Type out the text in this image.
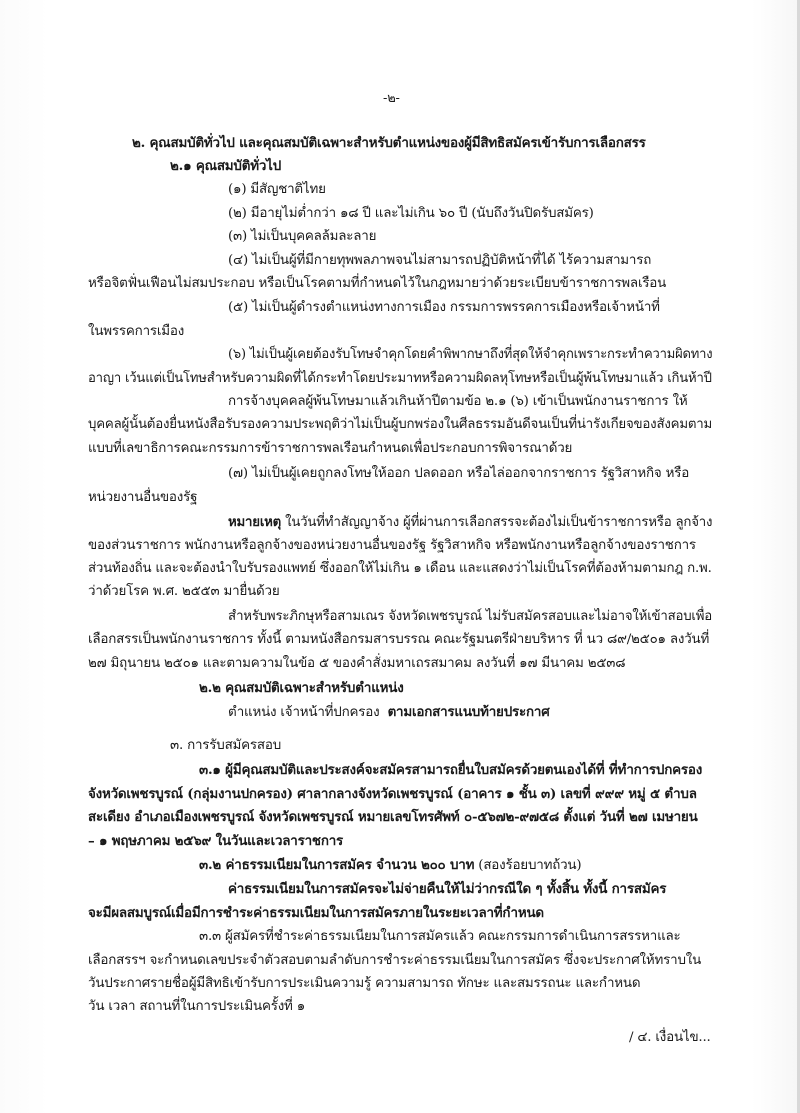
-๒-
๒. คุณสมบัติทั่วไป และคุณสมบัติเฉพาะสำหรับตำแหน่งของผู้มีสิทธิสมัครเข้ารับการเลือกสรร
๒.๑ คุณสมบัติทั่วไป
(๑) มีสัญชาติไทย
(๒) มีอายุไม่ต่ำกว่า ๑๘ ปี และไม่เกิน ๖๐ ปี (นับถึงวันปิดรับสมัคร)
(๓) ไม่เป็นบุคคลล้มละลาย
(๔) ไม่เป็นผู้ที่มีกายทุพพลภาพจนไม่สามารถปฏิบัติหน้าที่ได้ ไร้ความสามารถ
หรือจิตฟั่นเฟือนไม่สมประกอบ หรือเป็นโรคตามที่กำหนดไว้ในกฎหมายว่าด้วยระเบียบข้าราชการพลเรือน
(๕) ไม่เป็นผู้ดำรงตำแหน่งทางการเมือง กรรมการพรรคการเมืองหรือเจ้าหน้าที่
ในพรรคการเมือง
(๖) ไม่เป็นผู้เคยต้องรับโทษจำคุกโดยคำพิพากษาถึงที่สุดให้จำคุกเพราะกระทำความผิดทาง
อาญา เว้นแต่เป็นโทษสำหรับความผิดที่ได้กระทำโดยประมาทหรือความผิดลหุโทษหรือเป็นผู้พ้นโทษมาแล้ว เกินห้าปี
การจ้างบุคคลผู้พ้นโทษมาแล้วเกินห้าปีตามข้อ ๒.๑ (๖) เข้าเป็นพนักงานราชการ ให้
บุคคลผู้นั้นต้องยื่นหนังสือรับรองความประพฤติว่าไม่เป็นผู้บกพร่องในศีลธรรมอันดีจนเป็นที่น่ารังเกียจของสังคมตาม
แบบที่เลขาธิการคณะกรรมการข้าราชการพลเรือนกำหนดเพื่อประกอบการพิจารณาด้วย
(๗) ไม่เป็นผู้เคยถูกลงโทษให้ออก ปลดออก หรือไล่ออกจากราชการ รัฐวิสาหกิจ หรือ
หน่วยงานอื่นของรัฐ
หมายเหตุ ในวันที่ทำสัญญาจ้าง ผู้ที่ผ่านการเลือกสรรจะต้องไม่เป็นข้าราชการหรือ ลูกจ้าง
ของส่วนราชการ พนักงานหรือลูกจ้างของหน่วยงานอื่นของรัฐ รัฐวิสาหกิจ หรือพนักงานหรือลูกจ้างของราชการ
ส่วนท้องถิ่น และจะต้องนำใบรับรองแพทย์ ซึ่งออกให้ไม่เกิน ๑ เดือน และแสดงว่าไม่เป็นโรคที่ต้องห้ามตามกฎ ก.พ.
ว่าด้วยโรค พ.ศ. ๒๕๕๓ มายื่นด้วย
สำหรับพระภิกษุหรือสามเณร จังหวัดเพชรบูรณ์ ไม่รับสมัครสอบและไม่อาจให้เข้าสอบเพื่อ
เลือกสรรเป็นพนักงานราชการ ทั้งนี้ ตามหนังสือกรมสารบรรณ คณะรัฐมนตรีฝ่ายบริหาร ที่ นว ๘๙/๒๕๐๑ ลงวันที่
๒๗ มิถุนายน ๒๕๐๑ และตามความในข้อ ๕ ของคำสั่งมหาเถรสมาคม ลงวันที่ ๑๗ มีนาคม ๒๕๓๘
๒.๒ คุณสมบัติเฉพาะสำหรับตำแหน่ง
ตำแหน่ง เจ้าหน้าที่ปกครอง ตามเอกสารแนบท้ายประกาศ
๓. การรับสมัครสอบ
๓.๑ ผู้มีคุณสมบัติและประสงค์จะสมัครสามารถยื่นใบสมัครด้วยตนเองได้ที่ ที่ทำการปกครอง
จังหวัดเพชรบูรณ์ (กลุ่มงานปกครอง) ศาลากลางจังหวัดเพชรบูรณ์ (อาคาร ๑ ชั้น ๓) เลขที่ ๙๙๙ หมู่ ๕ ตำบล
สะเดียง อำเภอเมืองเพชรบูรณ์ จังหวัดเพชรบูรณ์ หมายเลขโทรศัพท์ ๐-๕๖๗๒-๙๗๕๘ ตั้งแต่ วันที่ ๒๗ เมษายน
– ๑ พฤษภาคม ๒๕๖๙ ในวันและเวลาราชการ
๓.๒ ค่าธรรมเนียมในการสมัคร จำนวน ๒๐๐ บาท (สองร้อยบาทถ้วน)
ค่าธรรมเนียมในการสมัครจะไม่จ่ายคืนให้ไม่ว่ากรณีใด ๆ ทั้งสิ้น ทั้งนี้ การสมัคร
จะมีผลสมบูรณ์เมื่อมีการชำระค่าธรรมเนียมในการสมัครภายในระยะเวลาที่กำหนด
๓.๓ ผู้สมัครที่ชำระค่าธรรมเนียมในการสมัครแล้ว คณะกรรมการดำเนินการสรรหาและ
เลือกสรรฯ จะกำหนดเลขประจำตัวสอบตามลำดับการชำระค่าธรรมเนียมในการสมัคร ซึ่งจะประกาศให้ทราบใน
วันประกาศรายชื่อผู้มีสิทธิเข้ารับการประเมินความรู้ ความสามารถ ทักษะ และสมรรถนะ และกำหนด
วัน เวลา สถานที่ในการประเมินครั้งที่ ๑
/ ๔. เงื่อนไข...
